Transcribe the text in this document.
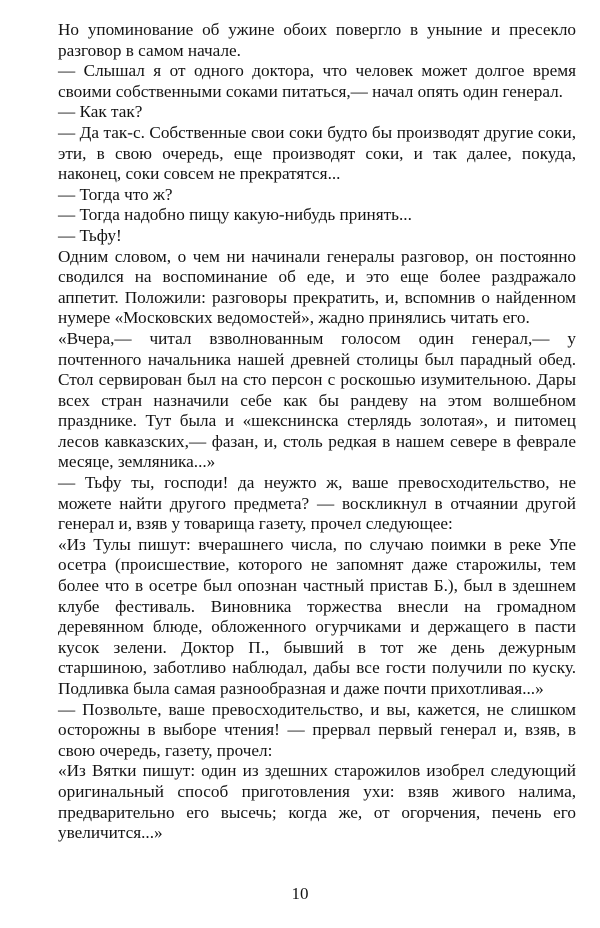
Но упоминование об ужине обоих повергло в уныние и пресекло разговор в самом начале.

— Слышал я от одного доктора, что человек может долгое время своими собственными соками питаться,— начал опять один генерал.

— Как так?

— Да так-с. Собственные свои соки будто бы производят другие соки, эти, в свою очередь, еще производят соки, и так далее, покуда, наконец, соки совсем не прекратятся...

— Тогда что ж?

— Тогда надобно пищу какую-нибудь принять...

— Тьфу!

Одним словом, о чем ни начинали генералы разговор, он постоянно сводился на воспоминание об еде, и это еще более раздражало аппетит. Положили: разговоры прекратить, и, вспомнив о найденном нумере «Московских ведомостей», жадно принялись читать его.

«Вчера,— читал взволнованным голосом один генерал,— у почтенного начальника нашей древней столицы был парадный обед. Стол сервирован был на сто персон с роскошью изумительною. Дары всех стран назначили себе как бы рандеву на этом волшебном празднике. Тут была и «шекснинска стерлядь золотая», и питомец лесов кавказских,— фазан, и, столь редкая в нашем севере в феврале месяце, земляника...»

— Тьфу ты, господи! да неужто ж, ваше превосходительство, не можете найти другого предмета? — воскликнул в отчаянии другой генерал и, взяв у товарища газету, прочел следующее:

«Из Тулы пишут: вчерашнего числа, по случаю поимки в реке Упе осетра (происшествие, которого не запомнят даже старожилы, тем более что в осетре был опознан частный пристав Б.), был в здешнем клубе фестиваль. Виновника торжества внесли на громадном деревянном блюде, обложенного огурчиками и держащего в пасти кусок зелени. Доктор П., бывший в тот же день дежурным старшиною, заботливо наблюдал, дабы все гости получили по куску. Подливка была самая разнообразная и даже почти прихотливая...»

— Позвольте, ваше превосходительство, и вы, кажется, не слишком осторожны в выборе чтения! — прервал первый генерал и, взяв, в свою очередь, газету, прочел:

«Из Вятки пишут: один из здешних старожилов изобрел следующий оригинальный способ приготовления ухи: взяв живого налима, предварительно его высечь; когда же, от огорчения, печень его увеличится...»

10
